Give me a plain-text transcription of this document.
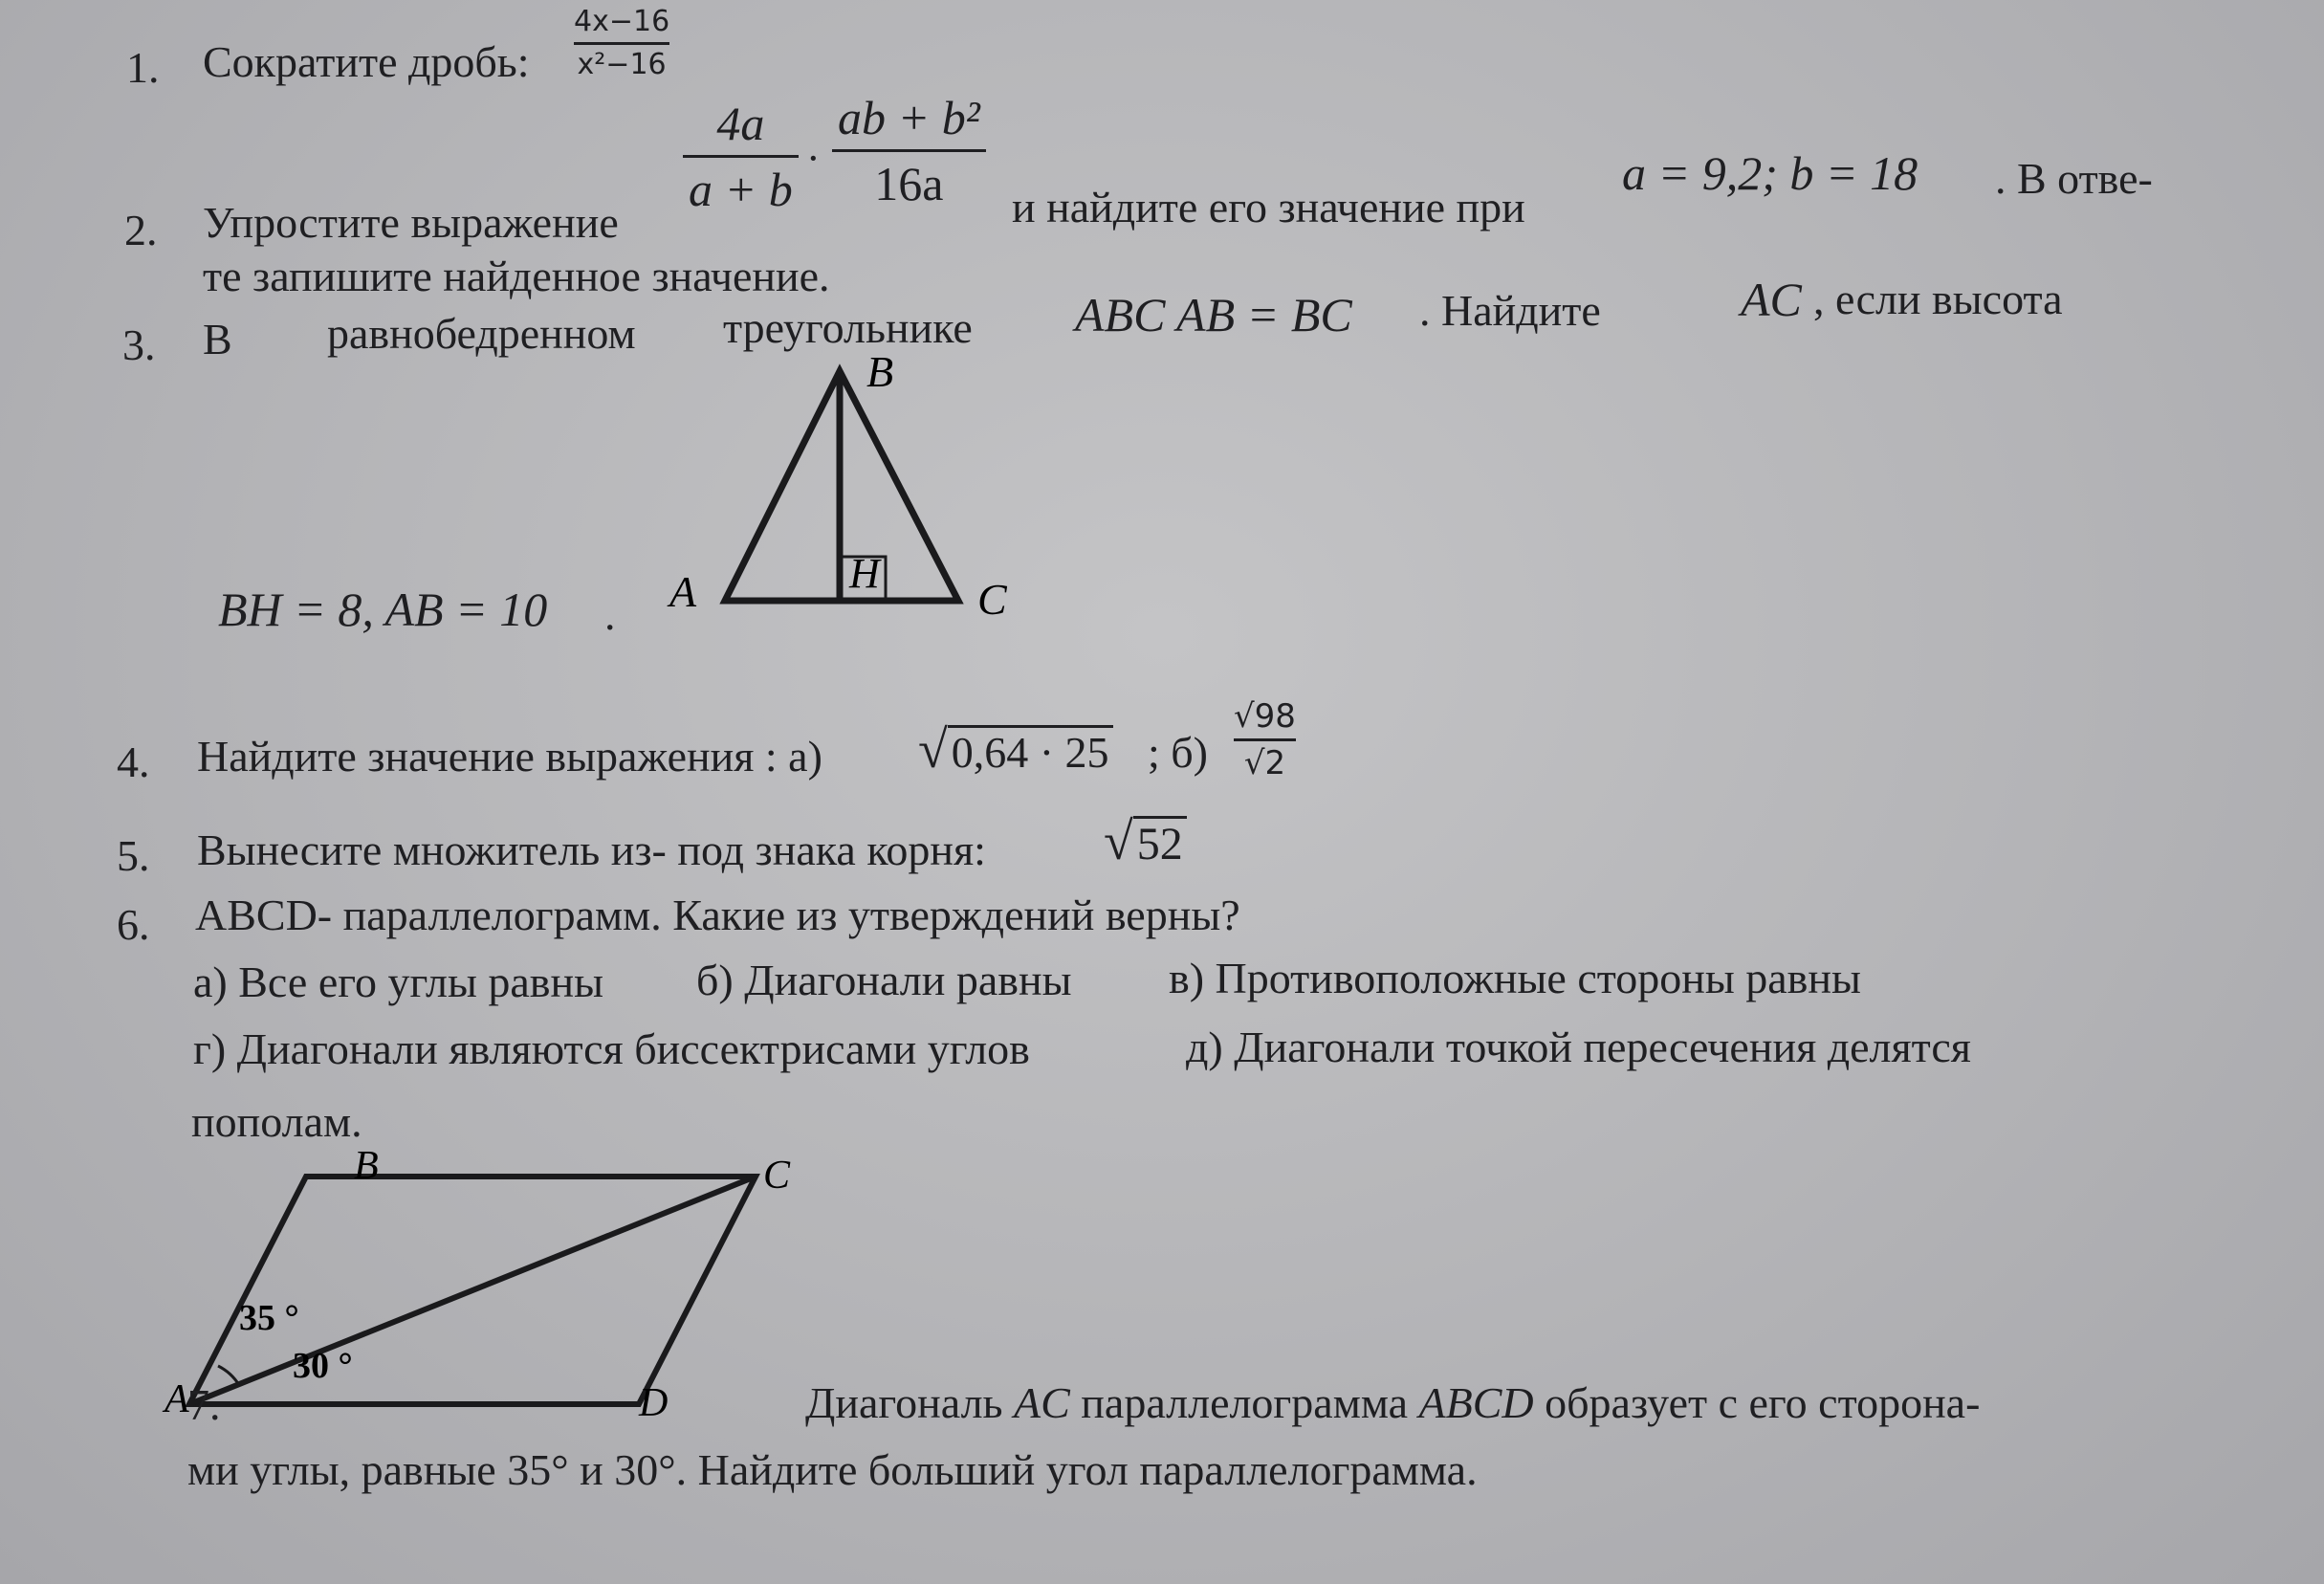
1. Сократите дробь: $\frac{4x-16}{\text{x²−16}}$
2. Упростите выражение
$\frac{4a}{a + b} \cdot \frac{\text{ab + b²}}{16a}$ и найдите его значение при
a = 9,2; b = 18 . В отве-
те запишите найденное значение.
3. В равнобедренном треугольнике ABC AB = BC . Найдите	AC , если высота
BH = 8, AB = 10 .
B
A	C
H
4. Найдите значение выражения : а) √0,64 · 25 ; $б) \frac{√98}{√2}$
5. Вынесите множитель из- под знака корня: √52
6. ABCD- параллелограмм. Какие из утверждений верны?
а) Все его углы равны б) Диагонали равны в) Противоположные стороны равны
г) Диагонали являются биссектрисами углов	д) Диагонали точкой пересечения делятся
пополам.
B	C
A	D
35 °
30 °
7.	Диагональ AC параллелограмма ABCD образует с его сторона-
ми углы, равные 35° и 30°. Найдите больший угол параллелограмма.
